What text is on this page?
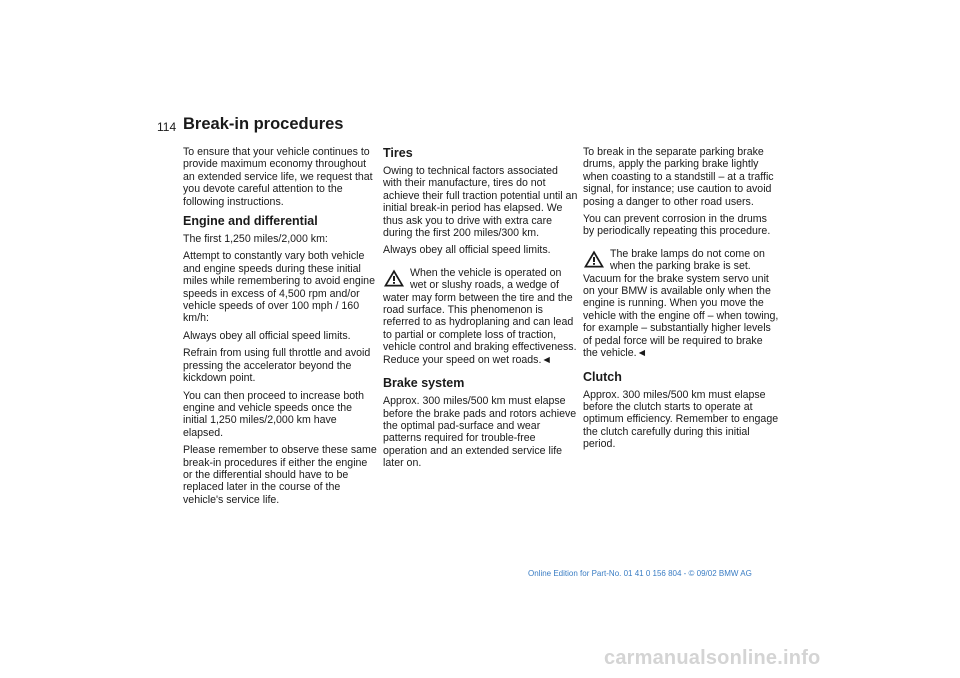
114 Break-in procedures

To ensure that your vehicle continues to provide maximum economy throughout an extended service life, we request that you devote careful attention to the following instructions.

Engine and differential

The first 1,250 miles/2,000 km:

Attempt to constantly vary both vehicle and engine speeds during these initial miles while remembering to avoid engine speeds in excess of 4,500 rpm and/or vehicle speeds of over 100 mph / 160 km/h:

Always obey all official speed limits.

Refrain from using full throttle and avoid pressing the accelerator beyond the kickdown point.

You can then proceed to increase both engine and vehicle speeds once the initial 1,250 miles/2,000 km have elapsed.

Please remember to observe these same break-in procedures if either the engine or the differential should have to be replaced later in the course of the vehicle's service life.

Tires

Owing to technical factors associated with their manufacture, tires do not achieve their full traction potential until an initial break-in period has elapsed. We thus ask you to drive with extra care during the first 200 miles/300 km.

Always obey all official speed limits.

When the vehicle is operated on wet or slushy roads, a wedge of
water may form between the tire and the road surface. This phenomenon is referred to as hydroplaning and can lead to partial or complete loss of traction, vehicle control and braking effectiveness. Reduce your speed on wet roads.◄
Brake system

Approx. 300 miles/500 km must elapse before the brake pads and rotors achieve the optimal pad-surface and wear patterns required for trouble-free operation and an extended service life later on.

To break in the separate parking brake drums, apply the parking brake lightly when coasting to a standstill – at a traffic signal, for instance; use caution to avoid posing a danger to other road users.

You can prevent corrosion in the drums by periodically repeating this procedure.

The brake lamps do not come on when the parking brake is set.
Vacuum for the brake system servo unit on your BMW is available only when the engine is running. When you move the vehicle with the engine off – when towing, for example – substantially higher levels of pedal force will be required to brake the vehicle.◄
Clutch

Approx. 300 miles/500 km must elapse before the clutch starts to operate at optimum efficiency. Remember to engage the clutch carefully during this initial period.

Online Edition for Part-No. 01 41 0 156 804 - © 09/02 BMW AG
carmanualsonline.info
